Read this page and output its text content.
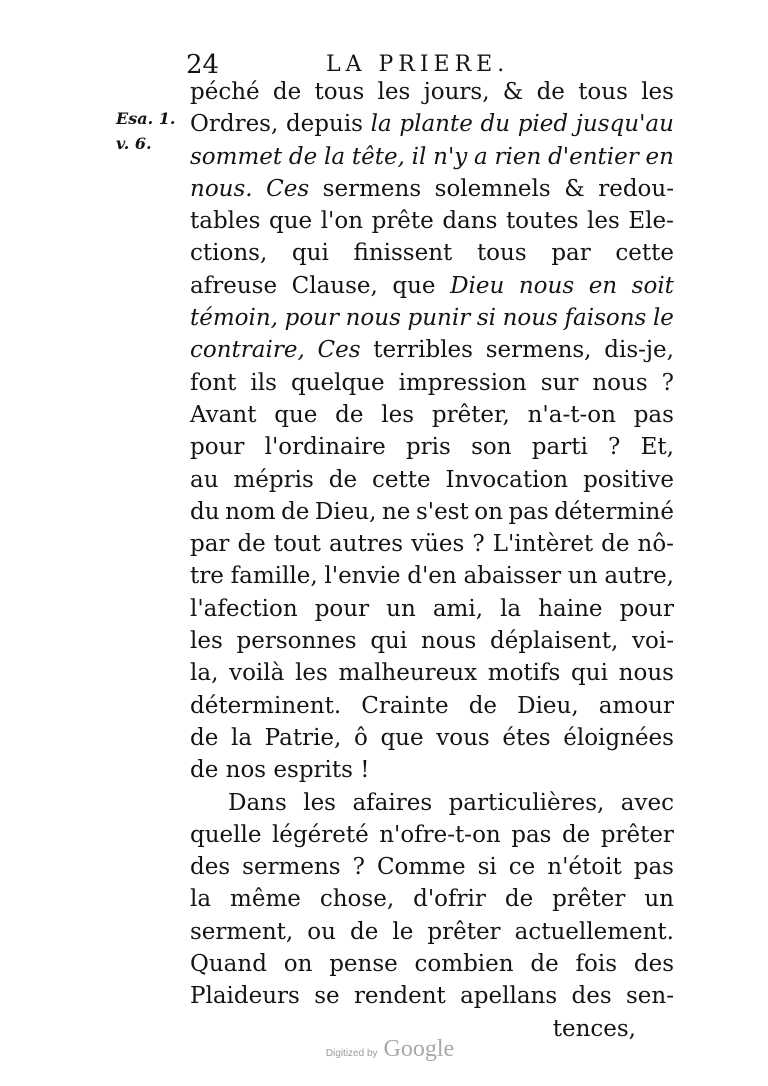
24	LA PRIERE.
Esa. 1.
v. 6.
péché de tous les jours, & de tous les
Ordres, depuis la plante du pied jusqu'au
sommet de la tête, il n'y a rien d'entier en
nous. Ces sermens solemnels & redou-
tables que l'on prête dans toutes les Ele-
ctions, qui finissent tous par cette
afreuse Clause, que Dieu nous en soit
témoin, pour nous punir si nous faisons le
contraire, Ces terribles sermens, dis-je,
font ils quelque impression sur nous ?
Avant que de les prêter, n'a-t-on pas
pour l'ordinaire pris son parti ? Et,
au mépris de cette Invocation positive
du nom de Dieu, ne s'est on pas déterminé
par de tout autres vües ? L'intèret de nô-
tre famille, l'envie d'en abaisser un autre,
l'afection pour un ami, la haine pour
les personnes qui nous déplaisent, voi-
la, voilà les malheureux motifs qui nous
déterminent. Crainte de Dieu, amour
de la Patrie, ô que vous étes éloignées
de nos esprits !
Dans les afaires particulières, avec
quelle légéreté n'ofre-t-on pas de prêter
des sermens ? Comme si ce n'étoit pas
la même chose, d'ofrir de prêter un
serment, ou de le prêter actuellement.
Quand on pense combien de fois des
Plaideurs se rendent apellans des sen-
tences,
Digitized by Google
